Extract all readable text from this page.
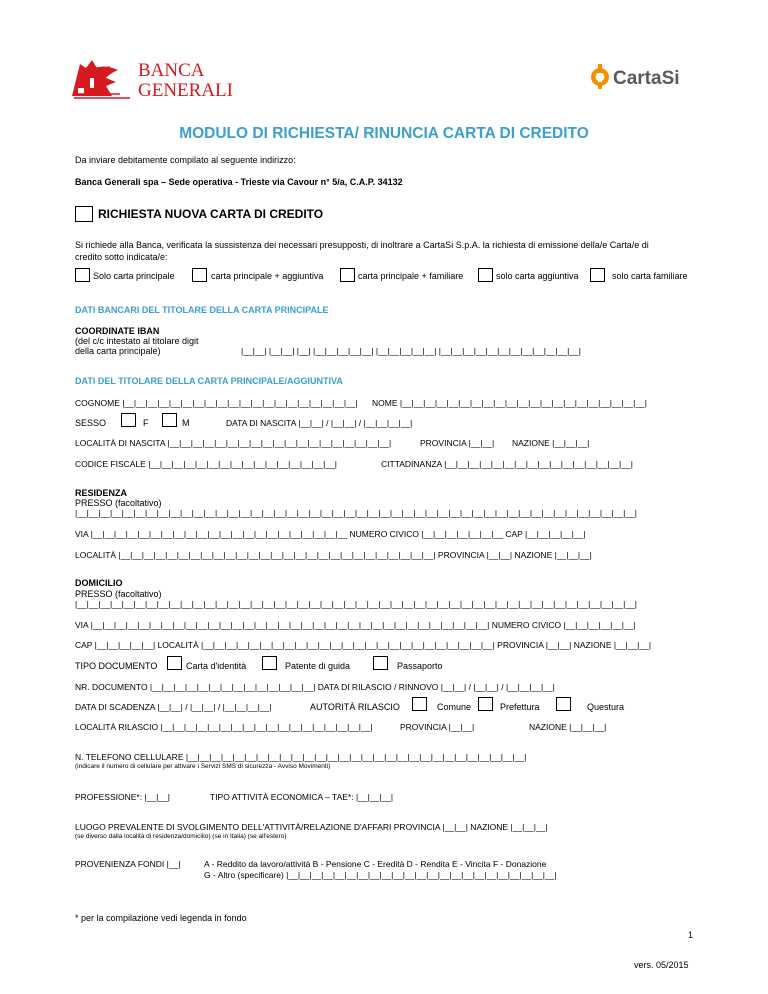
BANCA
GENERALI
CartaSi
MODULO DI RICHIESTA/ RINUNCIA CARTA DI CREDITO
Da inviare debitamente compilato al seguente indirizzo:
Banca Generali spa – Sede operativa - Trieste via Cavour n° 5/a, C.A.P. 34132
RICHIESTA NUOVA CARTA DI CREDITO
Si richiede alla Banca, verificata la sussistenza dei necessari presupposti, di inoltrare a CartaSi S.p.A. la richiesta di emissione della/e Carta/e di
credito sotto indicata/e:
Solo carta principale	carta principale + aggiuntiva	carta principale + familiare	solo carta aggiuntiva	solo carta familiare
DATI BANCARI DEL TITOLARE DELLA CARTA PRINCIPALE
COORDINATE IBAN
(del c/c intestato al titolare digit
della carta principale)	|__|__| |__|__| |__| |__|__|__|__|__| |__|__|__|__|__| |__|__|__|__|__|__|__|__|__|__|__|__|
DATI DEL TITOLARE DELLA CARTA PRINCIPALE/AGGIUNTIVA
COGNOME |__|__|__|__|__|__|__|__|__|__|__|__|__|__|__|__|__|__|__|__| NOME |__|__|__|__|__|__|__|__|__|__|__|__|__|__|__|__|__|__|__|__|__|
SESSO	F	M	DATA DI NASCITA |__|__| / |__|__| / |__|__|__|__|
LOCALITÀ DI NASCITA |__|__|__|__|__|__|__|__|__|__|__|__|__|__|__|__|__|__|__|	PROVINCIA |__|__| NAZIONE |__|__|__|
CODICE FISCALE |__|__|__|__|__|__|__|__|__|__|__|__|__|__|__|__|	CITTADINANZA |__|__|__|__|__|__|__|__|__|__|__|__|__|__|__|__|
RESIDENZA
PRESSO (facoltativo)
|__|__|__|__|__|__|__|__|__|__|__|__|__|__|__|__|__|__|__|__|__|__|__|__|__|__|__|__|__|__|__|__|__|__|__|__|__|__|__|__|__|__|__|__|__|__|__|__|
VIA |__|__|__|__|__|__|__|__|__|__|__|__|__|__|__|__|__|__|__|__|__|__ NUMERO CIVICO |__|__|__|__|__|__|__ CAP |__|__|__|__|__|
LOCALITÀ |__|__|__|__|__|__|__|__|__|__|__|__|__|__|__|__|__|__|__|__|__|__|__|__|__|__|__| PROVINCIA |__|__| NAZIONE |__|__|__|
DOMICILIO
PRESSO (facoltativo)
|__|__|__|__|__|__|__|__|__|__|__|__|__|__|__|__|__|__|__|__|__|__|__|__|__|__|__|__|__|__|__|__|__|__|__|__|__|__|__|__|__|__|__|__|__|__|__|__|
VIA |__|__|__|__|__|__|__|__|__|__|__|__|__|__|__|__|__|__|__|__|__|__|__|__|__|__|__|__|__|__|__|__|__|__| NUMERO CIVICO |__|__|__|__|__|__|
CAP |__|__|__|__|__| LOCALITÀ |__|__|__|__|__|__|__|__|__|__|__|__|__|__|__|__|__|__|__|__|__|__|__|__|__| PROVINCIA |__|__| NAZIONE |__|__|__|
TIPO DOCUMENTO	Carta d'identità	Patente di guida	Passaporto
NR. DOCUMENTO |__|__|__|__|__|__|__|__|__|__|__|__|__|__| DATA DI RILASCIO / RINNOVO |__|__| / |__|__| / |__|__|__|__|
DATA DI SCADENZA |__|__| / |__|__| / |__|__|__|__|	AUTORITÀ RILASCIO	Comune	Prefettura	Questura
LOCALITÀ RILASCIO |__|__|__|__|__|__|__|__|__|__|__|__|__|__|__|__|__|__|	PROVINCIA |__|__|	NAZIONE |__|__|__|
N. TELEFONO CELLULARE |__|__|__|__|__|__|__|__|__|__|__|__|__|__|__|__|__|__|__|__|__|__|__|__|__|__|__|__|__|
(indicare il numero di cellulare per attivare i Servizi SMS di sicurezza - Avviso Movimenti)
PROFESSIONE*: |__|__|	TIPO ATTIVITÀ ECONOMICA – TAE*: |__|__|__|
LUOGO PREVALENTE DI SVOLGIMENTO DELL'ATTIVITÀ/RELAZIONE D'AFFARI PROVINCIA |__|__| NAZIONE |__|__|__|
(se diverso dalla località di residenza/domicilio) (se in Italia) (se all'estero)
PROVENIENZA FONDI |__|	A - Reddito da lavoro/attività B - Pensione C - Eredità D - Rendita E - Vincita F - Donazione
G - Altro (specificare) |__|__|__|__|__|__|__|__|__|__|__|__|__|__|__|__|__|__|__|__|__|__|__|
* per la compilazione vedi legenda in fondo
1
vers. 05/2015
